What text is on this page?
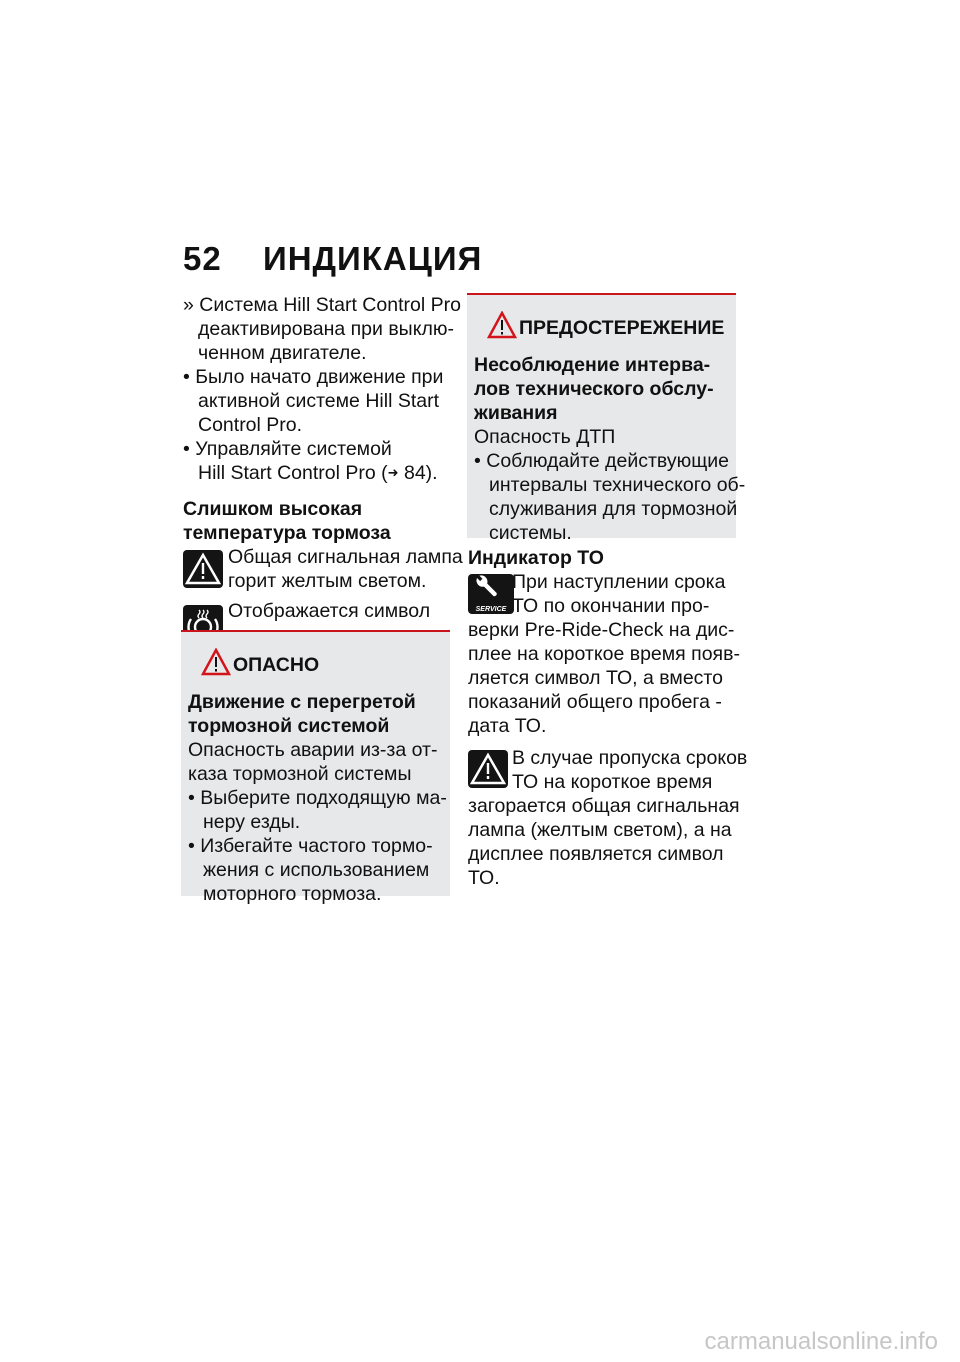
52 ИНДИКАЦИЯ

» Система Hill Start Control Pro

деактивирована при выклю-

ченном двигателе.

• Было начато движение при

активной системе Hill Start

Control Pro.

• Управляйте системой

Hill Start Control Pro (➜ 84).

Слишком высокая

температура тормоза

Общая сигнальная лампа

горит желтым светом.

Отображается символ

ОПАСНО

Движение с перегретой

тормозной системой

Опасность аварии из-за от-

каза тормозной системы

• Выберите подходящую ма-

неру езды.

• Избегайте частого тормо-

жения с использованием

моторного тормоза.

ПРЕДОСТЕРЕЖЕНИЕ

Несоблюдение интерва-

лов технического обслу-

живания

Опасность ДТП

• Соблюдайте действующие

интервалы технического об-

служивания для тормозной

системы.

Индикатор ТО

SERVICE

При наступлении срока

ТО по окончании про-

верки Pre-Ride-Check на дис-

плее на короткое время появ-

ляется символ ТО, а вместо

показаний общего пробега -

дата ТО.

В случае пропуска сроков

ТО на короткое время

загорается общая сигнальная

лампа (желтым светом), а на

дисплее появляется символ

ТО.

carmanualsonline.info
